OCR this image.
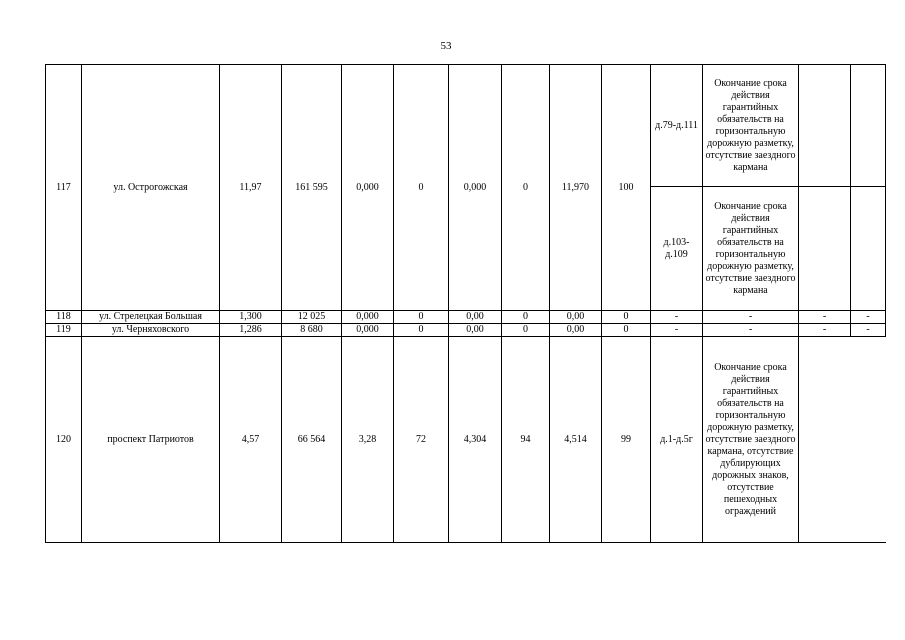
53
117	ул. Острогожская	11,97	161 595	0,000	0	0,000	0	11,970	100	д.79-д.111	Окончание срока действия гарантийных обязательств на горизонтальную дорожную разметку, отсутствие заездного кармана		
										д.103-д.109	Окончание срока действия гарантийных обязательств на горизонтальную дорожную разметку, отсутствие заездного кармана		
118	ул. Стрелецкая Большая	1,300	12 025	0,000	0	0,00	0	0,00	0	-	-	-	-
119	ул. Черняховского	1,286	8 680	0,000	0	0,00	0	0,00	0	-	-	-	-
120	проспект Патриотов	4,57	66 564	3,28	72	4,304	94	4,514	99	д.1-д.5г	Окончание срока действия гарантийных обязательств на горизонтальную дорожную разметку, отсутствие заездного кармана, отсутствие дублирующих дорожных знаков, отсутствие пешеходных ограждений		
